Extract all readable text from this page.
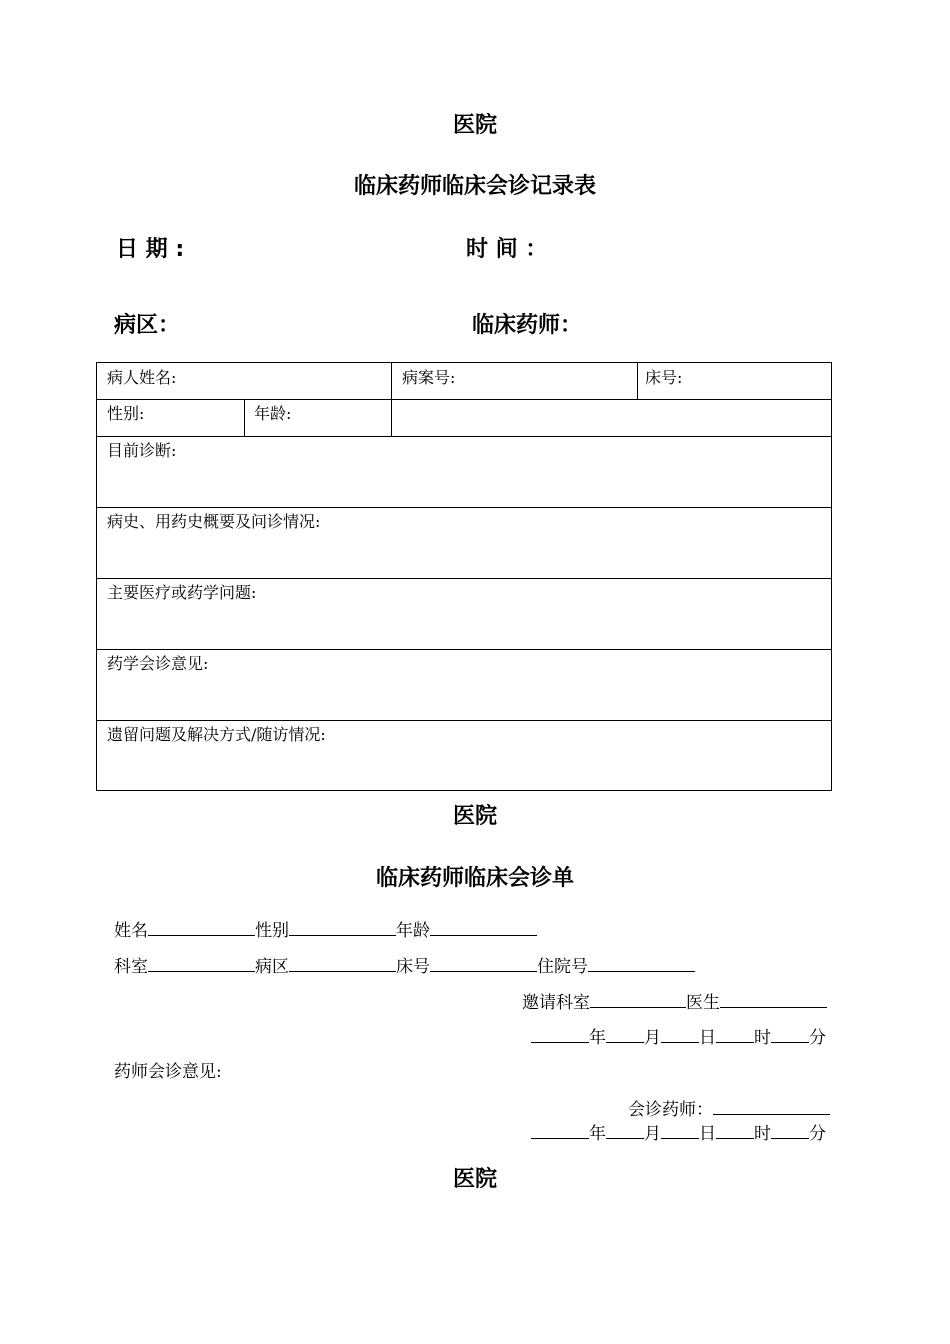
医院
临床药师临床会诊记录表
日 期 :	时 间 ：
病区：	临床药师：
病人姓名:	病案号:	床号:
性别:	年龄:
目前诊断:
病史、用药史概要及问诊情况:
主要医疗或药学问题:
药学会诊意见:
遗留问题及解决方式/随访情况:
医院
临床药师临床会诊单
姓名	性别	年龄
科室	病区	床号	住院号
邀请科室	医生
年 月 日 时 分
药师会诊意见:
会诊药师：
年 月 日 时 分
医院
